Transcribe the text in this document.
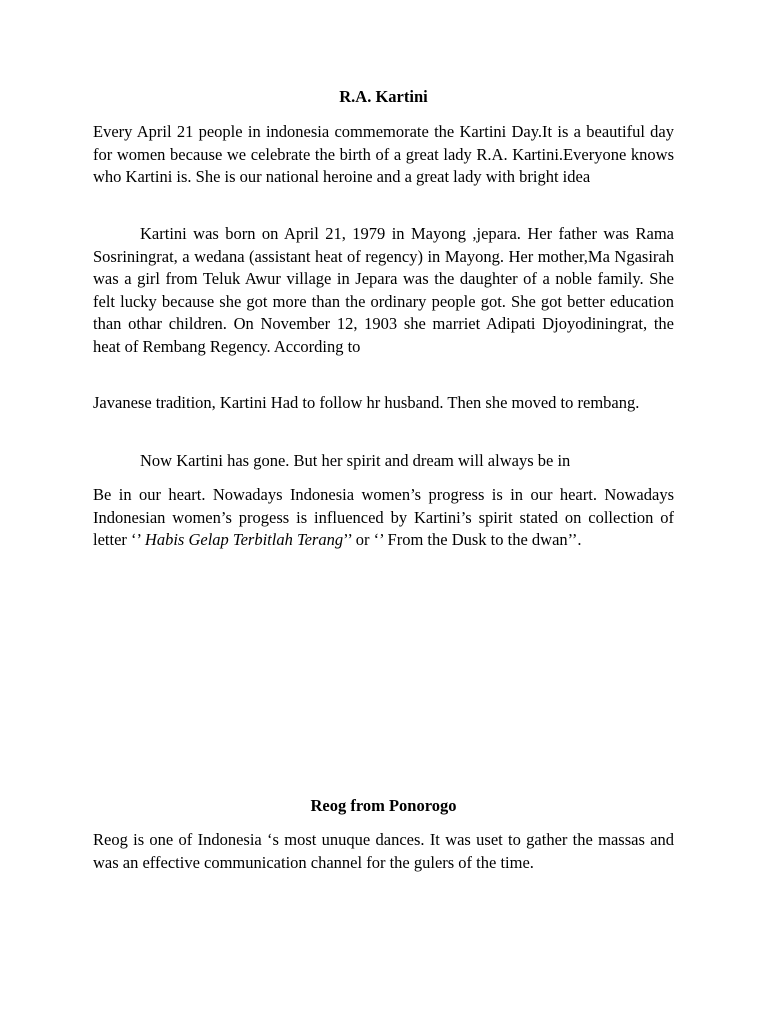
R.A. Kartini

Every April 21 people in indonesia commemorate the Kartini Day.It is a beautiful day for women because we celebrate the birth of a great lady R.A. Kartini.Everyone knows who Kartini is. She is our national heroine and a great lady with bright idea

Kartini was born on April 21, 1979 in Mayong ,jepara. Her father was Rama Sosriningrat, a wedana (assistant heat of regency) in Mayong. Her mother,Ma Ngasirah was a girl from Teluk Awur village in Jepara was the daughter of a noble family. She felt lucky because she got more than the ordinary people got. She got better education than othar children. On November 12, 1903 she marriet Adipati Djoyodiningrat, the heat of Rembang Regency. According to

Javanese tradition, Kartini Had to follow hr husband. Then she moved to rembang.

Now Kartini has gone. But her spirit and dream will always be in

Be in our heart. Nowadays Indonesia women’s progress is in our heart. Nowadays Indonesian women’s progess is influenced by Kartini’s spirit stated on collection of letter ‘’ Habis Gelap Terbitlah Terang’’ or ‘’ From the Dusk to the dwan’’.

Reog from Ponorogo

Reog is one of Indonesia ‘s most unuque dances. It was uset to gather the massas and was an effective communication channel for the gulers of the time.
